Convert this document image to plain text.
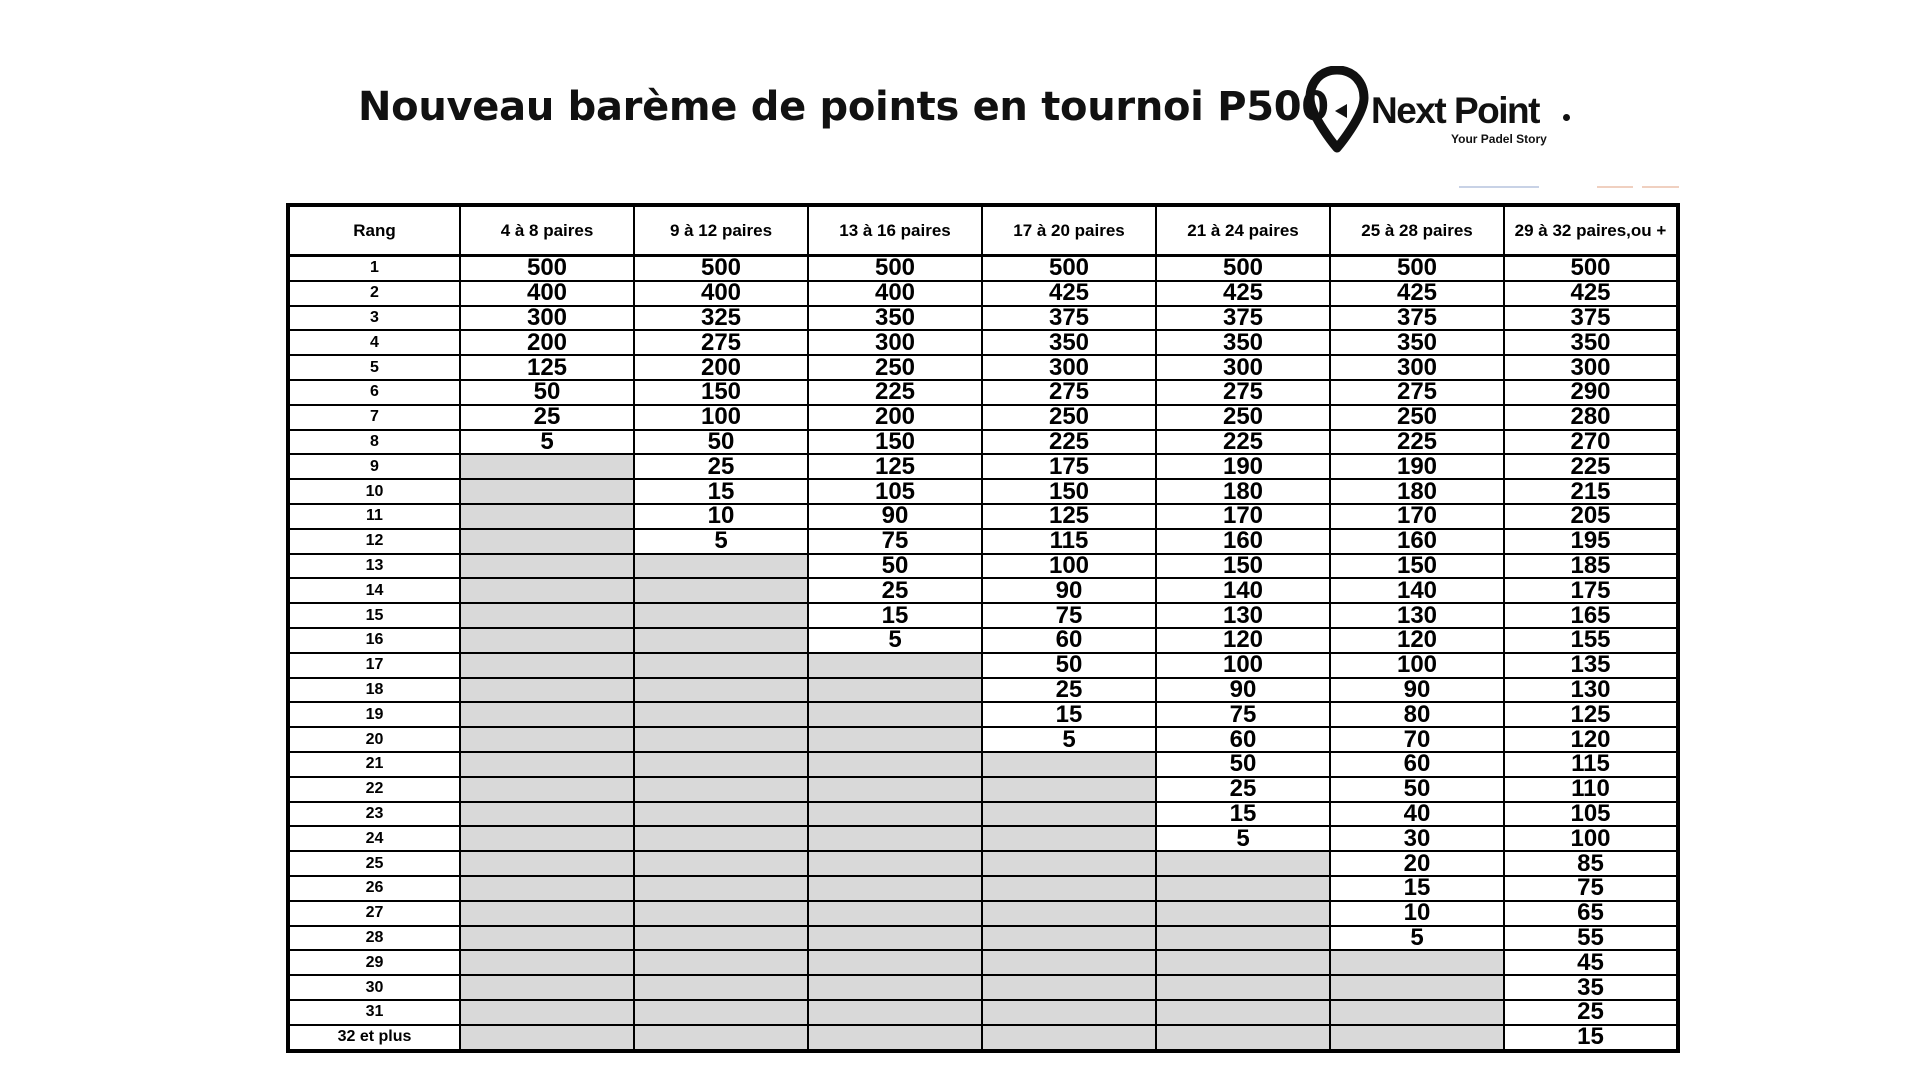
Nouveau barème de points en tournoi P500 Next Point
Your Padel Story
Rang	4 à 8 paires	9 à 12 paires	13 à 16 paires	17 à 20 paires	21 à 24 paires	25 à 28 paires	29 à 32 paires,ou +
1	500	500	500	500	500	500	500
2	400	400	400	425	425	425	425
3	300	325	350	375	375	375	375
4	200	275	300	350	350	350	350
5	125	200	250	300	300	300	300
6	50	150	225	275	275	275	290
7	25	100	200	250	250	250	280
8	5	50	150	225	225	225	270
9		25	125	175	190	190	225
10		15	105	150	180	180	215
11		10	90	125	170	170	205
12		5	75	115	160	160	195
13			50	100	150	150	185
14			25	90	140	140	175
15			15	75	130	130	165
16			5	60	120	120	155
17				50	100	100	135
18				25	90	90	130
19				15	75	80	125
20				5	60	70	120
21					50	60	115
22					25	50	110
23					15	40	105
24					5	30	100
25						20	85
26						15	75
27						10	65
28						5	55
29							45
30							35
31							25
32 et plus							15
